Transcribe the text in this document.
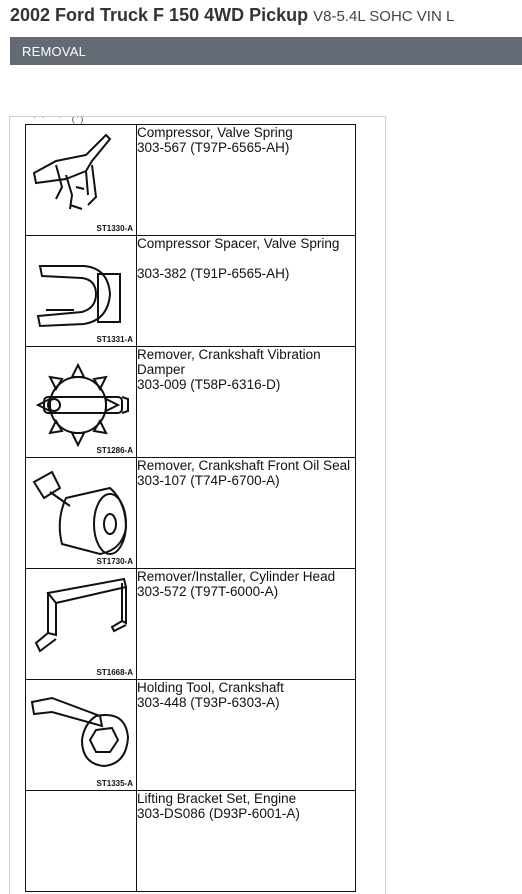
2002 Ford Truck F 150 4WD Pickup V8-5.4L SOHC VIN L
REMOVAL
'   '       '     ( ' )
ST1330-A	Compressor, Valve Spring
303-567 (T97P-6565-AH)

ST1331-A	Compressor Spacer, Valve Spring
303-382 (T91P-6565-AH)

ST1286-A	Remover, Crankshaft Vibration Damper
303-009 (T58P-6316-D)

ST1730-A	Remover, Crankshaft Front Oil Seal
303-107 (T74P-6700-A)

ST1668-A	Remover/Installer, Cylinder Head
303-572 (T97T-6000-A)

ST1335-A	Holding Tool, Crankshaft
303-448 (T93P-6303-A)

	Lifting Bracket Set, Engine
303-DS086 (D93P-6001-A)
